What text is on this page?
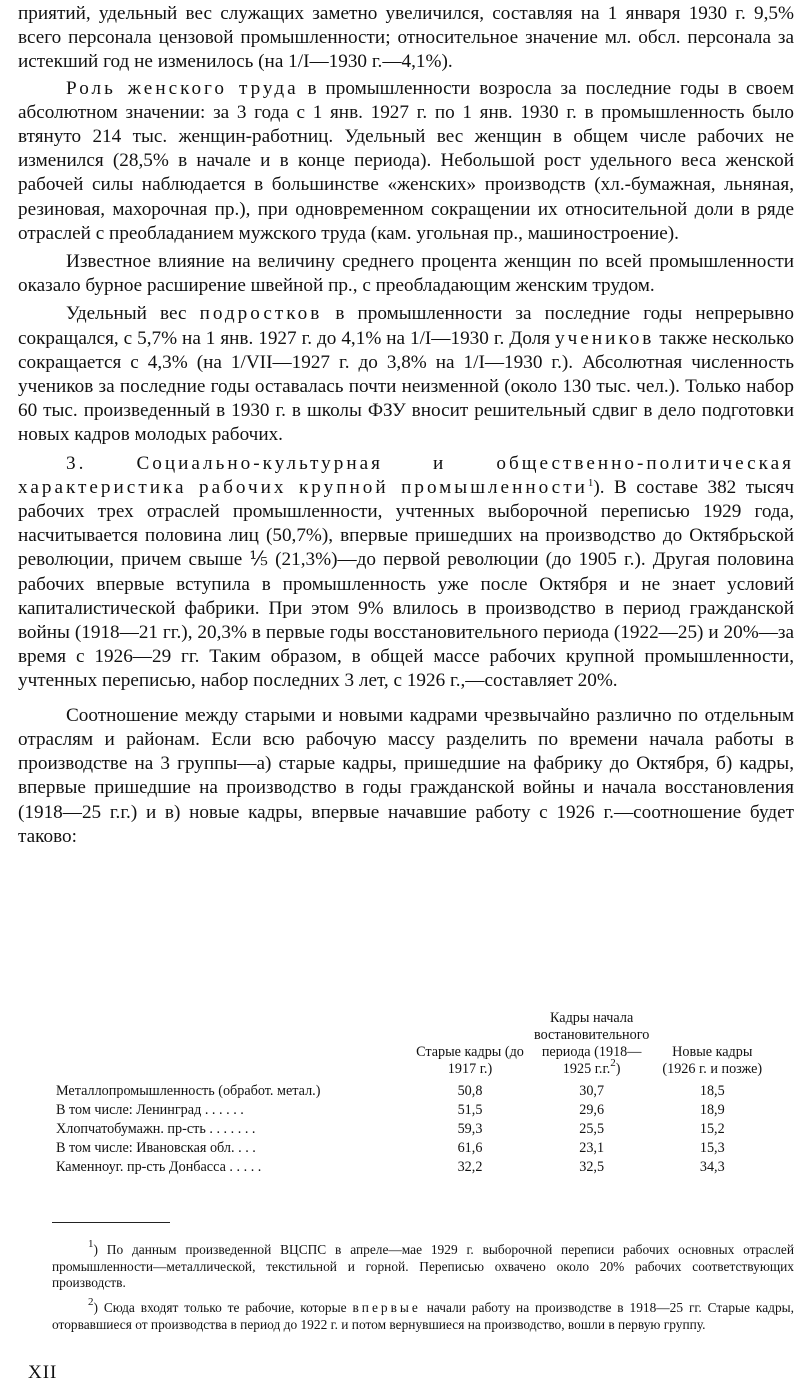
приятий, удельный вес служащих заметно увеличился, составляя на 1 января 1930 г. 9,5% всего персонала цензовой промышленности; относительное значение мл. обсл. персонала за истекший год не изменилось (на 1/I—1930 г.—4,1%).

Роль женского труда в промышленности возросла за последние годы в своем абсолютном значении: за 3 года с 1 янв. 1927 г. по 1 янв. 1930 г. в промышленность было втянуто 214 тыс. женщин-работниц. Удельный вес женщин в общем числе рабочих не изменился (28,5% в начале и в конце периода). Небольшой рост удельного веса женской рабочей силы наблюдается в большинстве «женских» производств (хл.-бумажная, льняная, резиновая, махорочная пр.), при одновременном сокращении их относительной доли в ряде отраслей с преобладанием мужского труда (кам. угольная пр., машиностроение).

Известное влияние на величину среднего процента женщин по всей промышленности оказало бурное расширение швейной пр., с преобладающим женским трудом.

Удельный вес подростков в промышленности за последние годы непрерывно сокращался, с 5,7% на 1 янв. 1927 г. до 4,1% на 1/I—1930 г. Доля учеников также несколько сокращается с 4,3% (на 1/VII—1927 г. до 3,8% на 1/I—1930 г.). Абсолютная численность учеников за последние годы оставалась почти неизменной (около 130 тыс. чел.). Только набор 60 тыс. произведенный в 1930 г. в школы ФЗУ вносит решительный сдвиг в дело подготовки новых кадров молодых рабочих.

3. Социально-культурная и общественно-политическая характеристика рабочих крупной промышленности$^1$). В составе 382 тысяч рабочих трех отраслей промышленности, учтенных выборочной переписью 1929 года, насчитывается половина лиц (50,7%), впервые пришедших на производство до Октябрьской революции, причем свыше ⅕ (21,3%)—до первой революции (до 1905 г.). Другая половина рабочих впервые вступила в промышленность уже после Октября и не знает условий капиталистической фабрики. При этом 9% влилось в производство в период гражданской войны (1918—21 гг.), 20,3% в первые годы восстановительного периода (1922—25) и 20%—за время с 1926—29 гг. Таким образом, в общей массе рабочих крупной промышленности, учтенных переписью, набор последних 3 лет, с 1926 г.,—составляет 20%.

Соотношение между старыми и новыми кадрами чрезвычайно различно по отдельным отраслям и районам. Если всю рабочую массу разделить по времени начала работы в производстве на 3 группы—а) старые кадры, пришедшие на фабрику до Октября, б) кадры, впервые пришедшие на производство в годы гражданской войны и начала восстановления (1918—25 г.г.) и в) новые кадры, впервые начавшие работу с 1926 г.—соотношение будет таково:

	Старые кадры (до 1917 г.)	Кадры начала востановительного периода (1918—1925 г.г.$^2$)	Новые кадры (1926 г. и позже)
Металлопромышленность (обработ. метал.)	50,8	30,7	18,5
В том числе: Ленинград . . . . . .	51,5	29,6	18,9
Хлопчатобумажн. пр-сть . . . . . . .	59,3	25,5	15,2
В том числе: Ивановская обл. . . .	61,6	23,1	15,3
Каменноуг. пр-сть Донбасса . . . . .	32,2	32,5	34,3
$^1$) По данным произведенной ВЦСПС в апреле—мае 1929 г. выборочной переписи рабочих основных отраслей промышленности—металлической, текстильной и горной. Переписью охвачено около 20% рабочих соответствующих производств.
$^2$) Сюда входят только те рабочие, которые впервые начали работу на производстве в 1918—25 гг. Старые кадры, оторвавшиеся от производства в период до 1922 г. и потом вернувшиеся на производство, вошли в первую группу.
XII
